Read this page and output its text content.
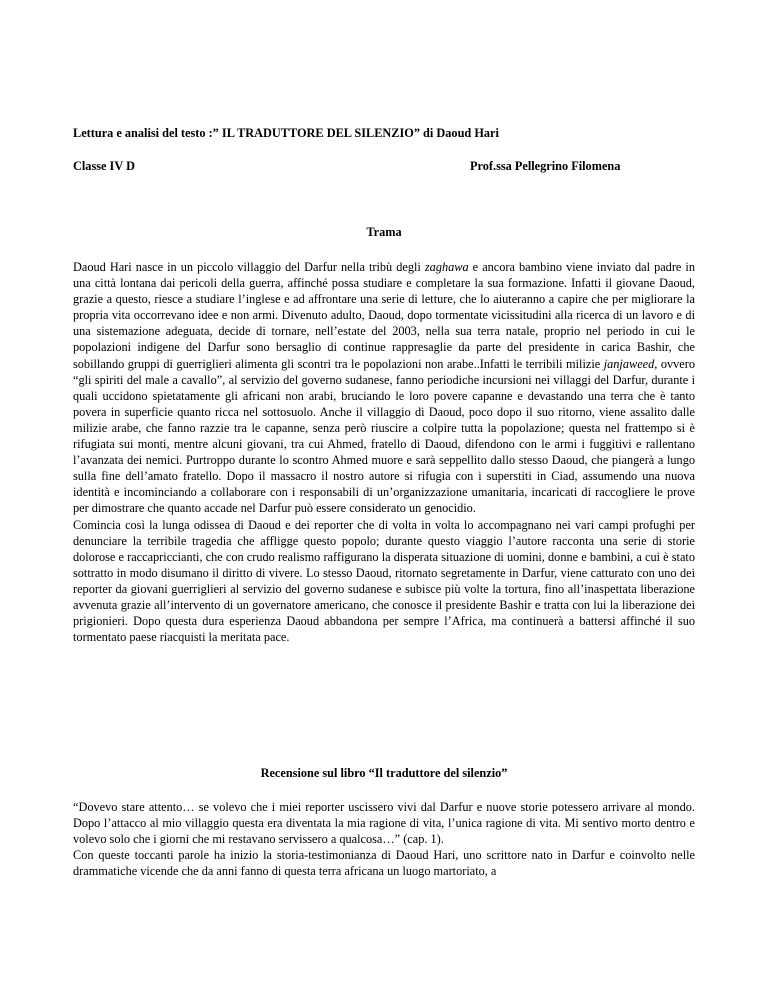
Lettura e analisi del testo :” IL TRADUTTORE DEL SILENZIO” di Daoud Hari
Classe IV D	Prof.ssa Pellegrino Filomena
Trama

Daoud Hari nasce in un piccolo villaggio del Darfur nella tribù degli zaghawa e ancora bambino viene inviato dal padre in una città lontana dai pericoli della guerra, affinché possa studiare e completare la sua formazione. Infatti il giovane Daoud, grazie a questo, riesce a studiare l’inglese e ad affrontare una serie di letture, che lo aiuteranno a capire che per migliorare la propria vita occorrevano idee e non armi. Divenuto adulto, Daoud, dopo tormentate vicissitudini alla ricerca di un lavoro e di una sistemazione adeguata, decide di tornare, nell’estate del 2003, nella sua terra natale, proprio nel periodo in cui le popolazioni indigene del Darfur sono bersaglio di continue rappresaglie da parte del presidente in carica Bashir, che sobillando gruppi di guerriglieri alimenta gli scontri tra le popolazioni non arabe..Infatti le terribili milizie janjaweed, ovvero “gli spiriti del male a cavallo”, al servizio del governo sudanese, fanno periodiche incursioni nei villaggi del Darfur, durante i quali uccidono spietatamente gli africani non arabi, bruciando le loro povere capanne e devastando una terra che è tanto povera in superficie quanto ricca nel sottosuolo. Anche il villaggio di Daoud, poco dopo il suo ritorno, viene assalito dalle milizie arabe, che fanno razzie tra le capanne, senza però riuscire a colpire tutta la popolazione; questa nel frattempo si è rifugiata sui monti, mentre alcuni giovani, tra cui Ahmed, fratello di Daoud, difendono con le armi i fuggitivi e rallentano l’avanzata dei nemici. Purtroppo durante lo scontro Ahmed muore e sarà seppellito dallo stesso Daoud, che piangerà a lungo sulla fine dell’amato fratello. Dopo il massacro il nostro autore si rifugia con i superstiti in Ciad, assumendo una nuova identità e incominciando a collaborare con i responsabili di un’organizzazione umanitaria, incaricati di raccogliere le prove per dimostrare che quanto accade nel Darfur può essere considerato un genocidio.

Comincia così la lunga odissea di Daoud e dei reporter che di volta in volta lo accompagnano nei vari campi profughi per denunciare la terribile tragedia che affligge questo popolo; durante questo viaggio l’autore racconta una serie di storie dolorose e raccapriccianti, che con crudo realismo raffigurano la disperata situazione di uomini, donne e bambini, a cui è stato sottratto in modo disumano il diritto di vivere. Lo stesso Daoud, ritornato segretamente in Darfur, viene catturato con uno dei reporter da giovani guerriglieri al servizio del governo sudanese e subisce più volte la tortura, fino all’inaspettata liberazione avvenuta grazie all’intervento di un governatore americano, che conosce il presidente Bashir e tratta con lui la liberazione dei prigionieri. Dopo questa dura esperienza Daoud abbandona per sempre l’Africa, ma continuerà a battersi affinché il suo tormentato paese riacquisti la meritata pace.

Recensione sul libro “Il traduttore del silenzio”

“Dovevo stare attento… se volevo che i miei reporter uscissero vivi dal Darfur e nuove storie potessero arrivare al mondo. Dopo l’attacco al mio villaggio questa era diventata la mia ragione di vita, l’unica ragione di vita. Mi sentivo morto dentro e volevo solo che i giorni che mi restavano servissero a qualcosa…” (cap. 1).

Con queste toccanti parole ha inizio la storia-testimonianza di Daoud Hari, uno scrittore nato in Darfur e coinvolto nelle drammatiche vicende che da anni fanno di questa terra africana un luogo martoriato, a
